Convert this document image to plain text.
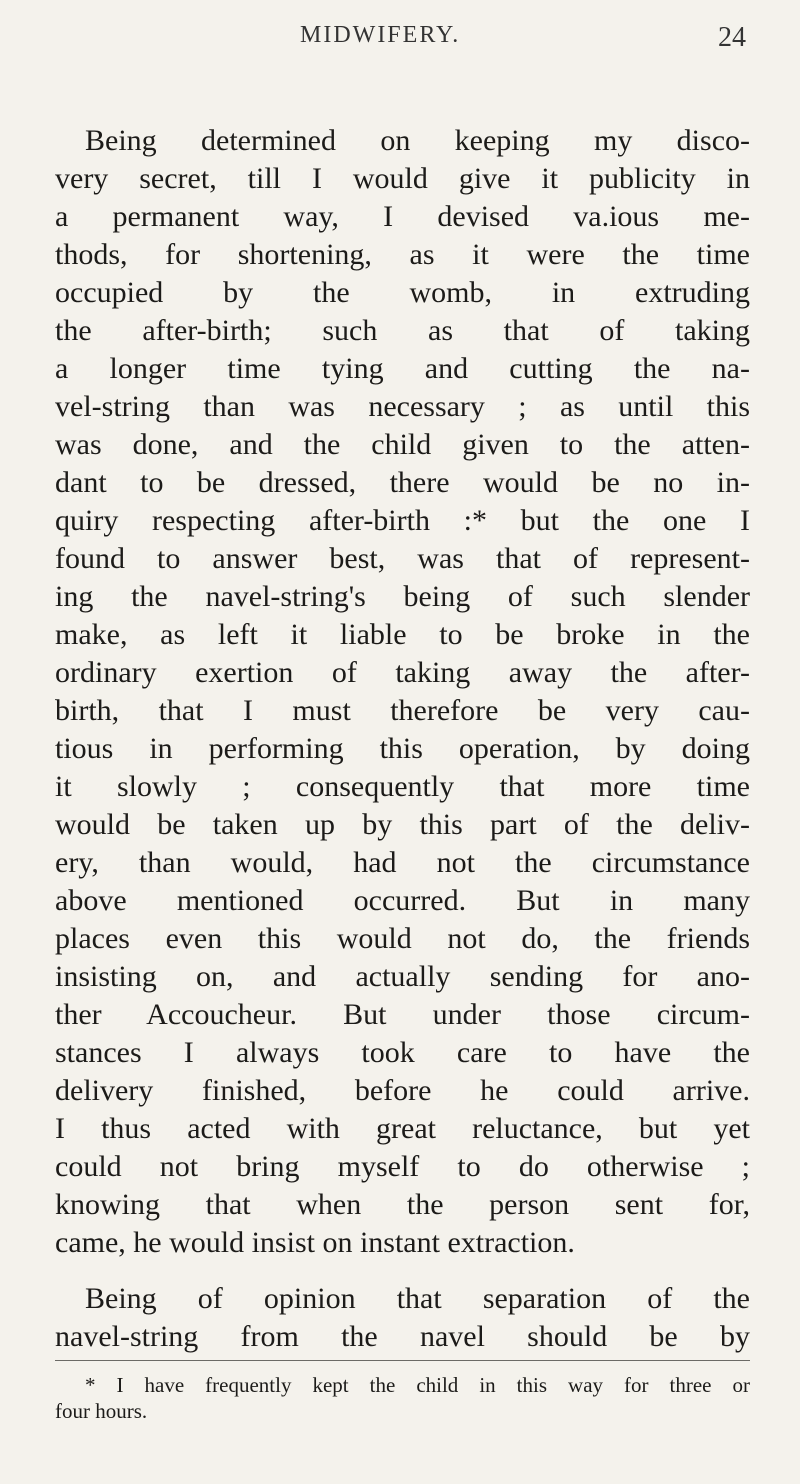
MIDWIFERY.	24
Being determined on keeping my disco-
very secret, till I would give it publicity in
a permanent way, I devised va.ious me-
thods, for shortening, as it were the time
occupied by the womb, in extruding
the after-birth; such as that of taking
a longer time tying and cutting the na-
vel-string than was necessary ; as until this
was done, and the child given to the atten-
dant to be dressed, there would be no in-
quiry respecting after-birth :* but the one I
found to answer best, was that of represent-
ing the navel-string's being of such slender
make, as left it liable to be broke in the
ordinary exertion of taking away the after-
birth, that I must therefore be very cau-
tious in performing this operation, by doing
it slowly ; consequently that more time
would be taken up by this part of the deliv-
ery, than would, had not the circumstance
above mentioned occurred. But in many
places even this would not do, the friends
insisting on, and actually sending for ano-
ther Accoucheur. But under those circum-
stances I always took care to have the
delivery finished, before he could arrive.
I thus acted with great reluctance, but yet
could not bring myself to do otherwise ;
knowing that when the person sent for,
came, he would insist on instant extraction.
Being of opinion that separation of the
navel-string from the navel should be by
* I have frequently kept the child in this way for three or
four hours.
